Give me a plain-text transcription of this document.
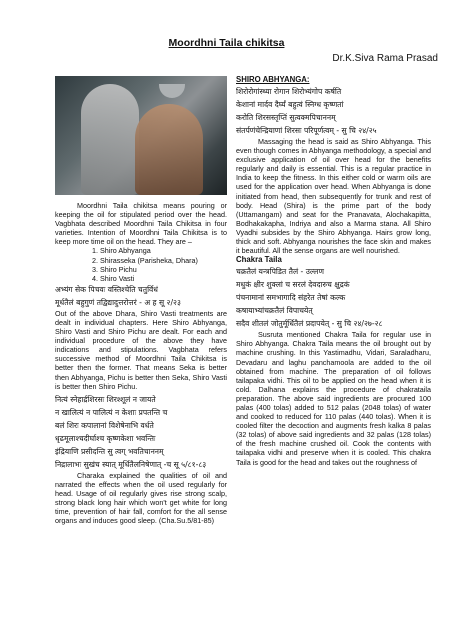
Moordhni Taila chikitsa
Dr.K.Siva Rama Prasad

Moordhni Taila chikitsa means pouring or keeping the oil for stipulated period over the head. Vagbhata described Moordhni Taila Chikitsa in four varieties. Intention of Moordhni Taila Chikitsa is to keep more time oil on the head. They are –

1. Shiro Abhyanga
2. Shirasseka (Parisheka, Dhara)
3. Shiro Pichu
4. Shiro Vasti
अभ्यंग सेक पिचवः वस्तिश्चेति चतुर्विधं
मूर्धतैलं बहुगुणं तद्विद्यादुत्तरोत्तरं - अ ह सू २/२३

Out of the above Dhara, Shiro Vasti treatments are dealt in individual chapters. Here Shiro Abhyanga, Shiro Vasti and Shiro Pichu are dealt. For each and individual procedure of the above they have indications and stipulations. Vagbhata refers successive method of Moordhni Taila Chikitsa is better then the former. That means Seka is better then Abhyanga, Pichu is better then Seka, Shiro Vasti is better then Shiro Pichu.

नित्यं स्नेहार्द्रशिरसः शिरश्शूलं न जायते
न खालित्यं न पालित्यं न केशाः प्रपतन्ति च
बलं शिरः कपालानां विशेषेनाभि वर्धते
धृढमूलाश्चदीर्घाश्च कृष्णकेशा भवन्तिः
इंद्रियाणि प्रसीदन्ति सु त्वग् भवतिचाननम्
निद्रालाभः सुखंच स्यात् मूर्धितैलनिषेणात् -च सू ५/८१-८३

Charaka explained the qualities of oil and narrated the effects when the oil used regularly for head. Usage of oil regularly gives rise strong scalp, strong black long hair which won't get white for long time, prevention of hair fall, comfort for the all sense organs and induces good sleep. (Cha.Su.5/81-85)

SHIRO ABHYANGA:
शिरोरोगांस्थ्या रोगान शिरोभ्यंगोप कर्षति
केशानां मार्दव दैर्घ्यं बहुत्वं स्निग्ध कृष्णतां
करोति शिरसस्तृप्तिं सुत्वक्मपिचाननम्
संतर्पणंचेन्द्रियाणां शिरसः परिपूर्णत्वम् - सु चि २४/२५

Massaging the head is said as Shiro Abhyanga. This even though comes in Abhyanga methodology, a special and exclusive application of oil over head for the benefits regularly and daily is essential. This is a regular practice in India to keep the fitness. In this either cold or warm oils are used for the application over head. When Abhyanga is done initiated from head, then subsequently for trunk and rest of body. Head (Shira) is the prime part of the body (Uttamangam) and seat for the Pranavata, Alochakapitta, Bodhakakapha, Indriya and also a Marma stana. All Shiro Vyadhi subsides by the Shiro Abhyanga. Hairs grow long, thick and soft. Abhyanga nourishes the face skin and makes it beautiful. All the sense organs are well nourished.

Chakra Taila
चक्रतैलं यन्त्रपिडित तैलं - उल्लण
मधुकं क्षीर शुक्लां च सरलं देवदारुच क्षुद्रकं
पंचनामानां समभागादि संहरेत तेषां कल्क
कषायाभ्यांचक्रतैलं विपाचयेत्
सदैव शीतलं जोतुर्मूर्धितैलं प्रदापयेत् - सु चि २४/२७-२८

Susruta mentioned Chakra Taila for regular use in Shiro Abhyanga. Chakra Taila means the oil brought out by machine crushing. In this Yastimadhu, Vidari, Saraladharu, Devadaru and laghu panchamoola are added to the oil obtained from machine. The preparation of oil follows tailapaka vidhi. This oil to be applied on the head when it is cold. Dalhana explains the procedure of chakrataila preparation. The above said ingredients are procured 100 palas (400 tolas) added to 512 palas (2048 tolas) of water and cooked to reduced for 110 palas (440 tolas). When it is cooled filter the decoction and augments fresh kalka 8 palas (32 tolas) of above said ingredients and 32 palas (128 tolas) of the fresh machine crushed oil. Cook the contents with tailapaka vidhi and preserve when it is cooled. This chakra Taila is good for the head and takes out the roughness of
